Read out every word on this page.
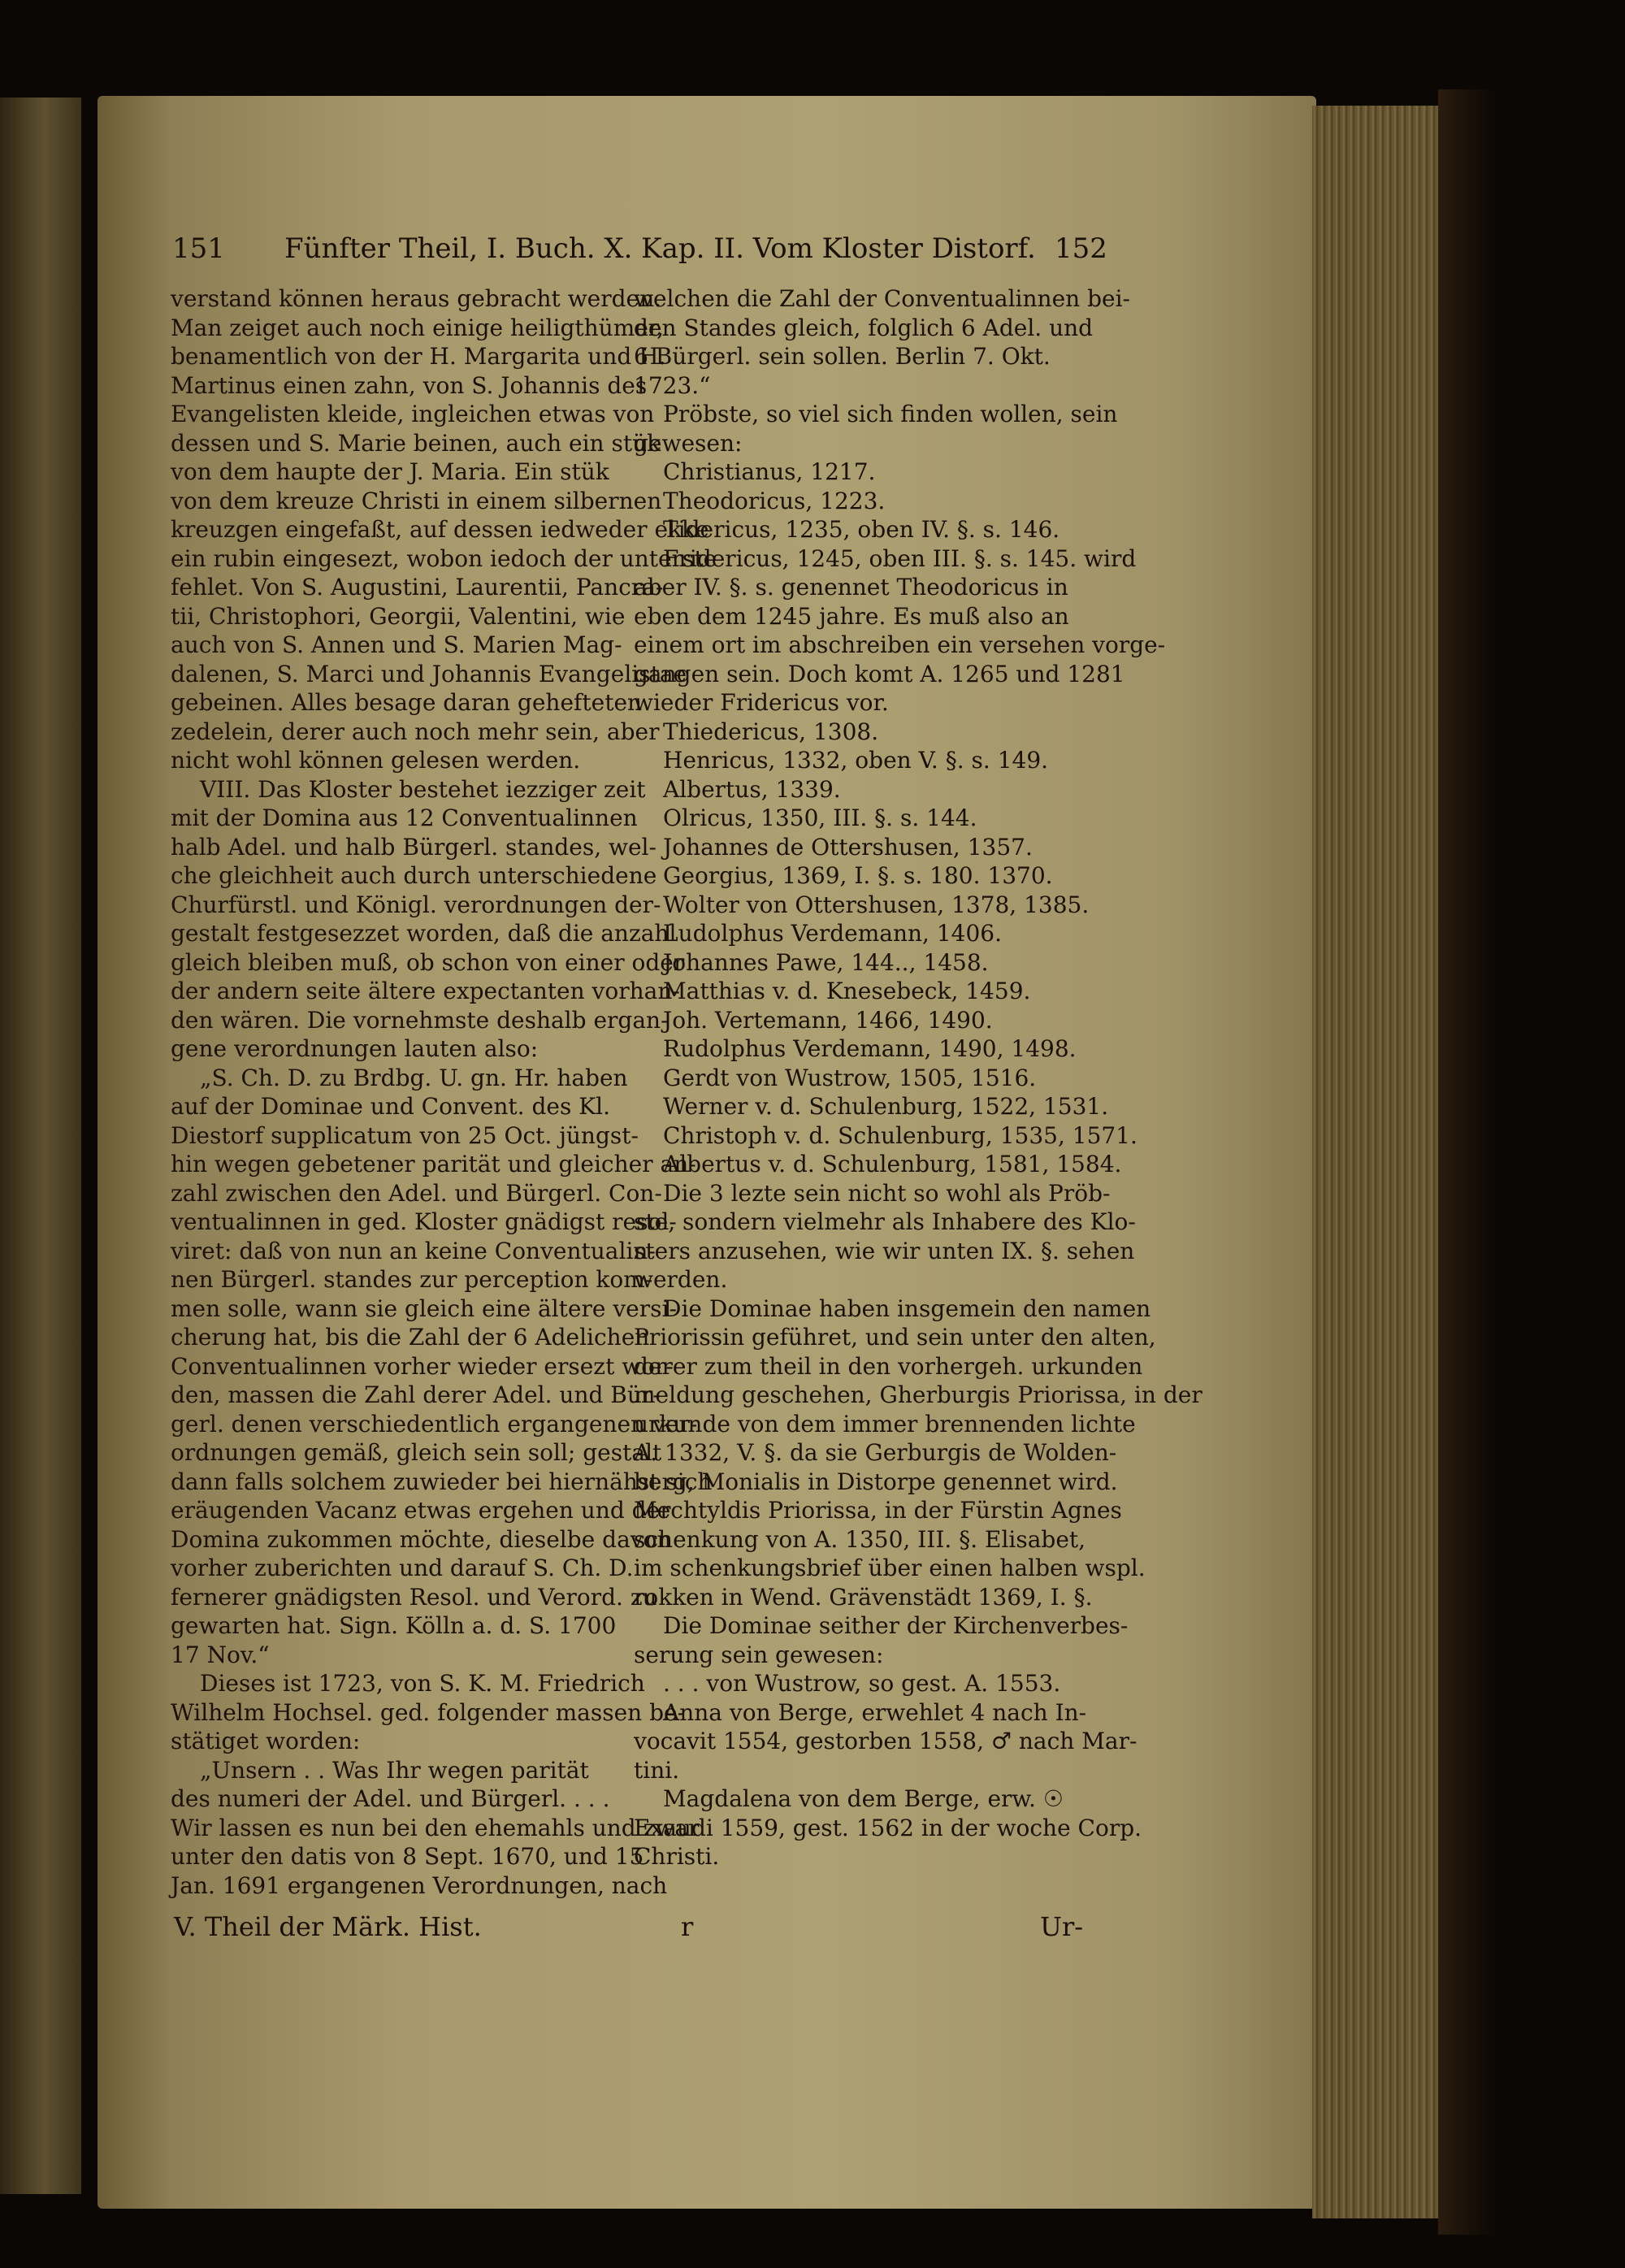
151 Fünfter Theil, I. Buch. X. Kap. II. Vom Kloster Distorf. 152
verstand können heraus gebracht werden.
Man zeiget auch noch einige heiligthümer,
benamentlich von der H. Margarita und H.
Martinus einen zahn, von S. Johannis des
Evangelisten kleide, ingleichen etwas von
dessen und S. Marie beinen, auch ein stük
von dem haupte der J. Maria. Ein stük
von dem kreuze Christi in einem silbernen
kreuzgen eingefaßt, auf dessen iedweder ekke
ein rubin eingesezt, wobon iedoch der unterste
fehlet. Von S. Augustini, Laurentii, Pancra-
tii, Christophori, Georgii, Valentini, wie
auch von S. Annen und S. Marien Mag-
dalenen, S. Marci und Johannis Evangelistae
gebeinen. Alles besage daran gehefteten
zedelein, derer auch noch mehr sein, aber
nicht wohl können gelesen werden.
VIII. Das Kloster bestehet iezziger zeit
mit der Domina aus 12 Conventualinnen
halb Adel. und halb Bürgerl. standes, wel-
che gleichheit auch durch unterschiedene
Churfürstl. und Königl. verordnungen der-
gestalt festgesezzet worden, daß die anzahl
gleich bleiben muß, ob schon von einer oder
der andern seite ältere expectanten vorhan-
den wären. Die vornehmste deshalb ergan-
gene verordnungen lauten also:
„S. Ch. D. zu Brdbg. U. gn. Hr. haben
auf der Dominae und Convent. des Kl.
Diestorf supplicatum von 25 Oct. jüngst-
hin wegen gebetener parität und gleicher an-
zahl zwischen den Adel. und Bürgerl. Con-
ventualinnen in ged. Kloster gnädigst resol-
viret: daß von nun an keine Conventualin-
nen Bürgerl. standes zur perception kom-
men solle, wann sie gleich eine ältere versi-
cherung hat, bis die Zahl der 6 Adelichen
Conventualinnen vorher wieder ersezt wor-
den, massen die Zahl derer Adel. und Bür-
gerl. denen verschiedentlich ergangenen ver-
ordnungen gemäß, gleich sein soll; gestalt
dann falls solchem zuwieder bei hiernähst sich
eräugenden Vacanz etwas ergehen und der
Domina zukommen möchte, dieselbe davon
vorher zuberichten und darauf S. Ch. D.
fernerer gnädigsten Resol. und Verord. zu
gewarten hat. Sign. Kölln a. d. S. 1700
17 Nov.“
Dieses ist 1723, von S. K. M. Friedrich
Wilhelm Hochsel. ged. folgender massen be-
stätiget worden:
„Unsern . . Was Ihr wegen parität
des numeri der Adel. und Bürgerl. . . .
Wir lassen es nun bei den ehemahls und zwar
unter den datis von 8 Sept. 1670, und 15
Jan. 1691 ergangenen Verordnungen, nach
welchen die Zahl der Conventualinnen bei-
den Standes gleich, folglich 6 Adel. und
6 Bürgerl. sein sollen. Berlin 7. Okt.
1723.“
Pröbste, so viel sich finden wollen, sein
gewesen:
Christianus, 1217.
Theodoricus, 1223.
Tidericus, 1235, oben IV. §. s. 146.
Fridericus, 1245, oben III. §. s. 145. wird
aber IV. §. s. genennet Theodoricus in
eben dem 1245 jahre. Es muß also an
einem ort im abschreiben ein versehen vorge-
gangen sein. Doch komt A. 1265 und 1281
wieder Fridericus vor.
Thiedericus, 1308.
Henricus, 1332, oben V. §. s. 149.
Albertus, 1339.
Olricus, 1350, III. §. s. 144.
Johannes de Ottershusen, 1357.
Georgius, 1369, I. §. s. 180. 1370.
Wolter von Ottershusen, 1378, 1385.
Ludolphus Verdemann, 1406.
Johannes Pawe, 144.., 1458.
Matthias v. d. Knesebeck, 1459.
Joh. Vertemann, 1466, 1490.
Rudolphus Verdemann, 1490, 1498.
Gerdt von Wustrow, 1505, 1516.
Werner v. d. Schulenburg, 1522, 1531.
Christoph v. d. Schulenburg, 1535, 1571.
Albertus v. d. Schulenburg, 1581, 1584.
Die 3 lezte sein nicht so wohl als Pröb-
ste, sondern vielmehr als Inhabere des Klo-
sters anzusehen, wie wir unten IX. §. sehen
werden.
Die Dominae haben insgemein den namen
Priorissin geführet, und sein unter den alten,
derer zum theil in den vorhergeh. urkunden
meldung geschehen, Gherburgis Priorissa, in der
urkunde von dem immer brennenden lichte
A. 1332, V. §. da sie Gerburgis de Wolden-
berg, Monialis in Distorpe genennet wird.
Mechtyldis Priorissa, in der Fürstin Agnes
schenkung von A. 1350, III. §. Elisabet,
im schenkungsbrief über einen halben wspl.
rokken in Wend. Grävenstädt 1369, I. §.
Die Dominae seither der Kirchenverbes-
serung sein gewesen:
. . . von Wustrow, so gest. A. 1553.
Anna von Berge, erwehlet 4 nach In-
vocavit 1554, gestorben 1558, ♂ nach Mar-
tini.
Magdalena von dem Berge, erw. ☉
Exaudi 1559, gest. 1562 in der woche Corp.
Christi.
V. Theil der Märk. Hist.	r	Ur-
